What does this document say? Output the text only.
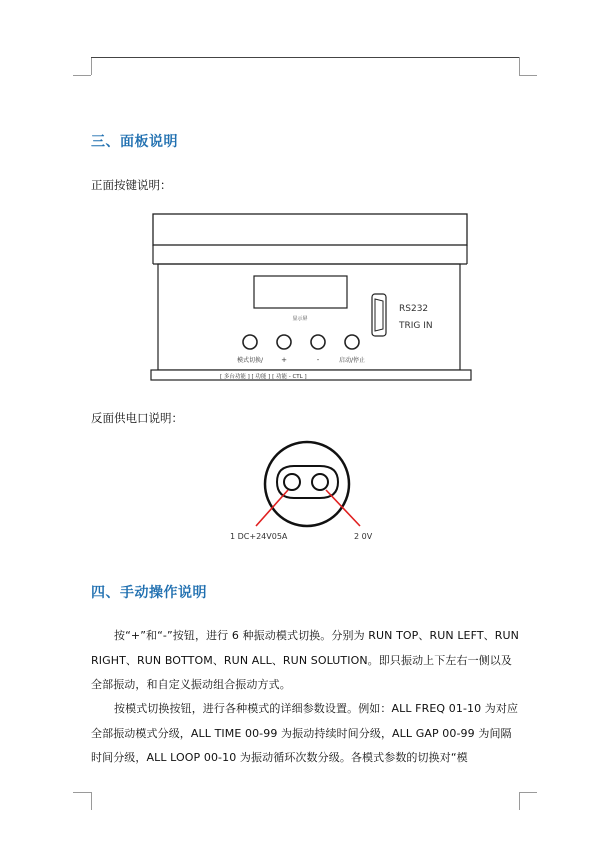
三、面板说明
正面按键说明：
显示屏
RS232
TRIG IN
模式切换/	+	-	启动/停止
[ 多台功能 ] [ 功能 ] [ 功能 - CTL ]
反面供电口说明：
1 DC+24V05A	2 0V
四、手动操作说明
按“+”和“-”按钮，进行 6 种振动模式切换。分别为 RUN TOP、RUN LEFT、RUN RIGHT、RUN BOTTOM、RUN ALL、RUN SOLUTION。即只振动上下左右一侧以及全部振动，和自定义振动组合振动方式。
按模式切换按钮，进行各种模式的详细参数设置。例如：ALL FREQ 01-10 为对应全部振动模式分级，ALL TIME 00-99 为振动持续时间分级，ALL GAP 00-99 为间隔时间分级，ALL LOOP 00-10 为振动循环次数分级。各模式参数的切换对“模
